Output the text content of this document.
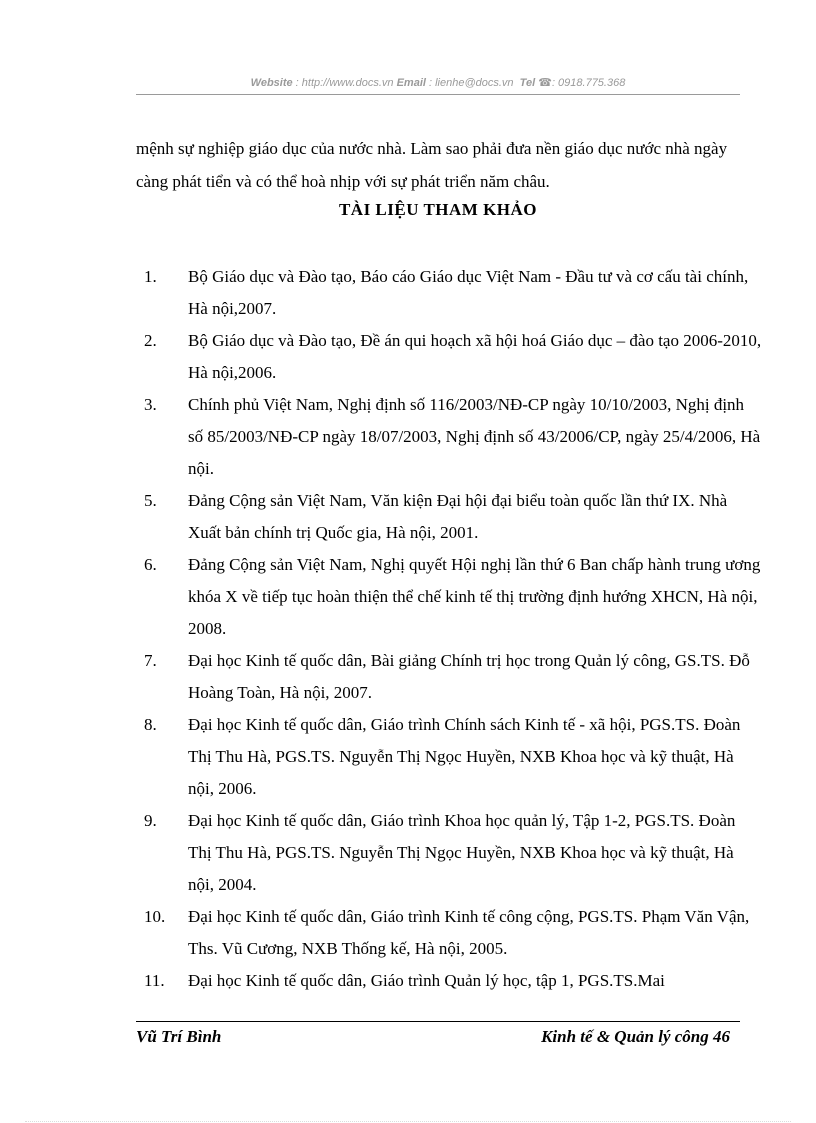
Website : http://www.docs.vn Email : lienhe@docs.vn Tel ☎: 0918.775.368
mệnh sự nghiệp giáo dục của nước nhà. Làm sao phải đưa nền giáo dục nước nhà ngày càng phát tiển và có thể hoà nhịp với sự phát triển năm châu.
TÀI LIỆU THAM KHẢO
1. Bộ Giáo dục và Đào tạo, Báo cáo Giáo dục Việt Nam - Đầu tư và cơ cấu tài chính, Hà nội,2007.
2. Bộ Giáo dục và Đào tạo, Đề án qui hoạch xã hội hoá Giáo dục – đào tạo 2006-2010, Hà nội,2006.
3. Chính phủ Việt Nam, Nghị định số 116/2003/NĐ-CP ngày 10/10/2003, Nghị định số 85/2003/NĐ-CP ngày 18/07/2003, Nghị định số 43/2006/CP, ngày 25/4/2006, Hà nội.
5. Đảng Cộng sản Việt Nam, Văn kiện Đại hội đại biểu toàn quốc lần thứ IX. Nhà Xuất bản chính trị Quốc gia, Hà nội, 2001.
6. Đảng Cộng sản Việt Nam, Nghị quyết Hội nghị lần thứ 6 Ban chấp hành trung ương khóa X về tiếp tục hoàn thiện thể chế kinh tế thị trường định hướng XHCN, Hà nội, 2008.
7. Đại học Kinh tế quốc dân, Bài giảng Chính trị học trong Quản lý công, GS.TS. Đỗ Hoàng Toàn, Hà nội, 2007.
8. Đại học Kinh tế quốc dân, Giáo trình Chính sách Kinh tế - xã hội, PGS.TS. Đoàn Thị Thu Hà, PGS.TS. Nguyễn Thị Ngọc Huyền, NXB Khoa học và kỹ thuật, Hà nội, 2006.
9. Đại học Kinh tế quốc dân, Giáo trình Khoa học quản lý, Tập 1-2, PGS.TS. Đoàn Thị Thu Hà, PGS.TS. Nguyễn Thị Ngọc Huyền, NXB Khoa học và kỹ thuật, Hà nội, 2004.
10. Đại học Kinh tế quốc dân, Giáo trình Kinh tế công cộng, PGS.TS. Phạm Văn Vận, Ths. Vũ Cương, NXB Thống kế, Hà nội, 2005.
11. Đại học Kinh tế quốc dân, Giáo trình Quản lý học, tập 1, PGS.TS.Mai
Vũ Trí Bình	Kinh tế & Quản lý công 46
